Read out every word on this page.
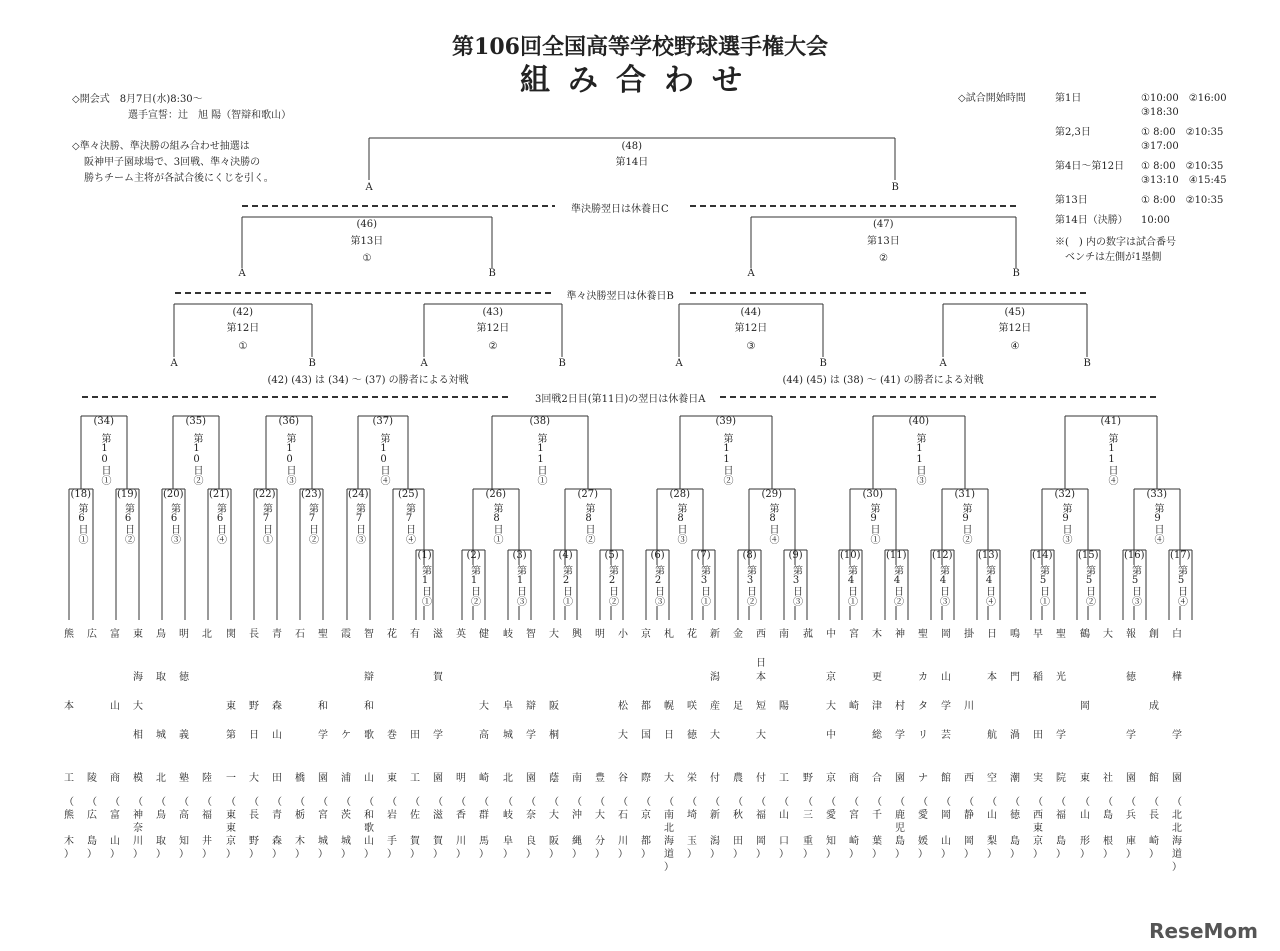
第106回全国高等学校野球選手権大会
組み合わせ
◇開会式　8月7日(水)8:30〜
選手宣誓：辻　旭 陽（智辯和歌山）
◇準々決勝、準決勝の組み合わせ抽選は
阪神甲子園球場で、3回戦、準々決勝の
勝ちチーム主将が各試合後にくじを引く。
◇試合開始時間	第1日	①10:00　②16:00
	③18:30

第2,3日	① 8:00　②10:35
	③17:00

第4日〜第12日	① 8:00　②10:35
	③13:10　④15:45

第13日	① 8:00　②10:35

第14日（決勝）	10:00
※(　) 内の数字は試合番号
ベンチは左側が1塁側
(1)
第1日①
(2)
第1日②
(3)
第1日③
(4)
第2日①
(5)
第2日②
(6)
第2日③
(7)
第3日①
(8)
第3日②
(9)
第3日③
(10)
第4日①
(11)
第4日②
(12)
第4日③
(13)
第4日④
(14)
第5日①
(15)
第5日②
(16)
第5日③
(17)
第5日④
(18)
第6日①
(19)
第6日②
(20)
第6日③
(21)
第6日④
(22)
第7日①
(23)
第7日②
(24)
第7日③
(25)
第7日④
(26)
第8日①
(27)
第8日②
(28)
第8日③
(29)
第8日④
(30)
第9日①
(31)
第9日②
(32)
第9日③
(33)
第9日④
(34)
第10日①
(35)
第10日②
(36)
第10日③
(37)
第10日④
(38)
第11日①
(39)
第11日②
(40)
第11日③
(41)
第11日④
3回戦2日目(第11日)の翌日は休養日A
(42)
第12日
①
A	B
(43)
第12日
②
A	B
(44)
第12日
③
A	B
(45)
第12日
④
A	B
(42) (43) は (34) 〜 (37) の勝者による対戦	(44) (45) は (38) 〜 (41) の勝者による対戦
準々決勝翌日は休養日B
(46)
第13日
①
A	B
(47)
第13日
②
A	B
準決勝翌日は休養日C
(48)
第14日
A	B
熊

本

工
（
熊

木
）
広

陵
（
広

島
）
富

山

商
（
富

山
）
東

海

大

相

模
（
神
奈
川
）
鳥

取

城

北
（
鳥

取
）
明

徳

義

塾
（
高

知
）
北

陸
（
福

井
）
関

東

第

一
（
東
東
京
）
長

野

日

大
（
長

野
）
青

森

山

田
（
青

森
）
石

橋
（
栃

木
）
聖

和

学

園
（
宮

城
）
霞

ケ

浦
（
茨

城
）
智

辯

和

歌

山
（
和
歌
山
）
花

巻

東
（
岩

手
）
有

田

工
（
佐

賀
）
滋

賀

学

園
（
滋

賀
）
英

明
（
香

川
）
健

大

高

崎
（
群

馬
）
岐

阜

城

北
（
岐

阜
）
智

辯

学

園
（
奈

良
）
大

阪

桐

蔭
（
大

阪
）
興

南
（
沖

縄
）
明

豊
（
大

分
）
小

松

大

谷
（
石

川
）
京

都

国

際
（
京

都
）
札

幌

日

大
（
南
北
海
道
）
花

咲

徳

栄
（
埼

玉
）
新

潟

産

大

付
（
新

潟
）
金

足

農
（
秋

田
）
西

日
本

短

大

付
（
福

岡
）
南

陽

工
（
山

口
）
菰

野
（
三

重
）
中

京

大

中

京
（
愛

知
）
宮

崎

商
（
宮

崎
）
木

更

津

総

合
（
千

葉
）
神

村

学

園
（
鹿
児
島
）
聖

カ

タ

リ

ナ
（
愛

媛
）
岡

山

学

芸

館
（
岡

山
）
掛

川

西
（
静

岡
）
日

本

航

空
（
山

梨
）
鳴

門

渦

潮
（
徳

島
）
早

稲

田

実
（
西
東
京
）
聖

光

学

院
（
福

島
）
鶴

岡

東
（
山

形
）
大

社
（
島

根
）
報

徳

学

園
（
兵

庫
）
創

成

館
（
長

崎
）
白

樺

学

園
（
北
北
海
道
）
ReseMom
